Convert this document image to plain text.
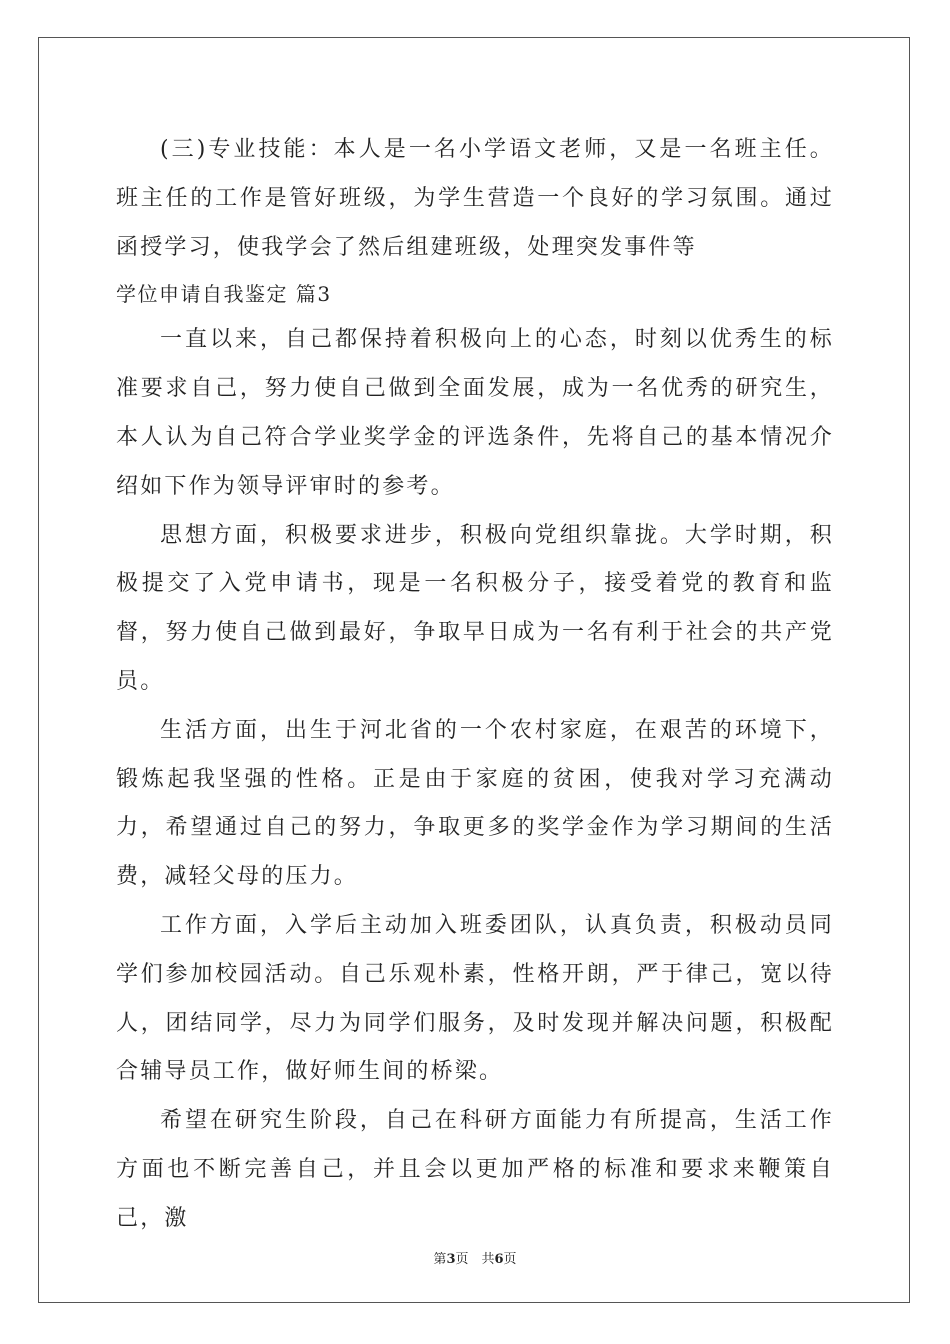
(三)专业技能：本人是一名小学语文老师，又是一名班主任。班主任的工作是管好班级，为学生营造一个良好的学习氛围。通过函授学习，使我学会了然后组建班级，处理突发事件等

学位申请自我鉴定 篇3

一直以来，自己都保持着积极向上的心态，时刻以优秀生的标准要求自己，努力使自己做到全面发展，成为一名优秀的研究生，本人认为自己符合学业奖学金的评选条件，先将自己的基本情况介绍如下作为领导评审时的参考。

思想方面，积极要求进步，积极向党组织靠拢。大学时期，积极提交了入党申请书，现是一名积极分子，接受着党的教育和监督，努力使自己做到最好，争取早日成为一名有利于社会的共产党员。

生活方面，出生于河北省的一个农村家庭，在艰苦的环境下，锻炼起我坚强的性格。正是由于家庭的贫困，使我对学习充满动力，希望通过自己的努力，争取更多的奖学金作为学习期间的生活费，减轻父母的压力。

工作方面，入学后主动加入班委团队，认真负责，积极动员同学们参加校园活动。自己乐观朴素，性格开朗，严于律己，宽以待人，团结同学，尽力为同学们服务，及时发现并解决问题，积极配合辅导员工作，做好师生间的桥梁。

希望在研究生阶段，自己在科研方面能力有所提高，生活工作方面也不断完善自己，并且会以更加严格的标准和要求来鞭策自己，激

第3页　共6页
